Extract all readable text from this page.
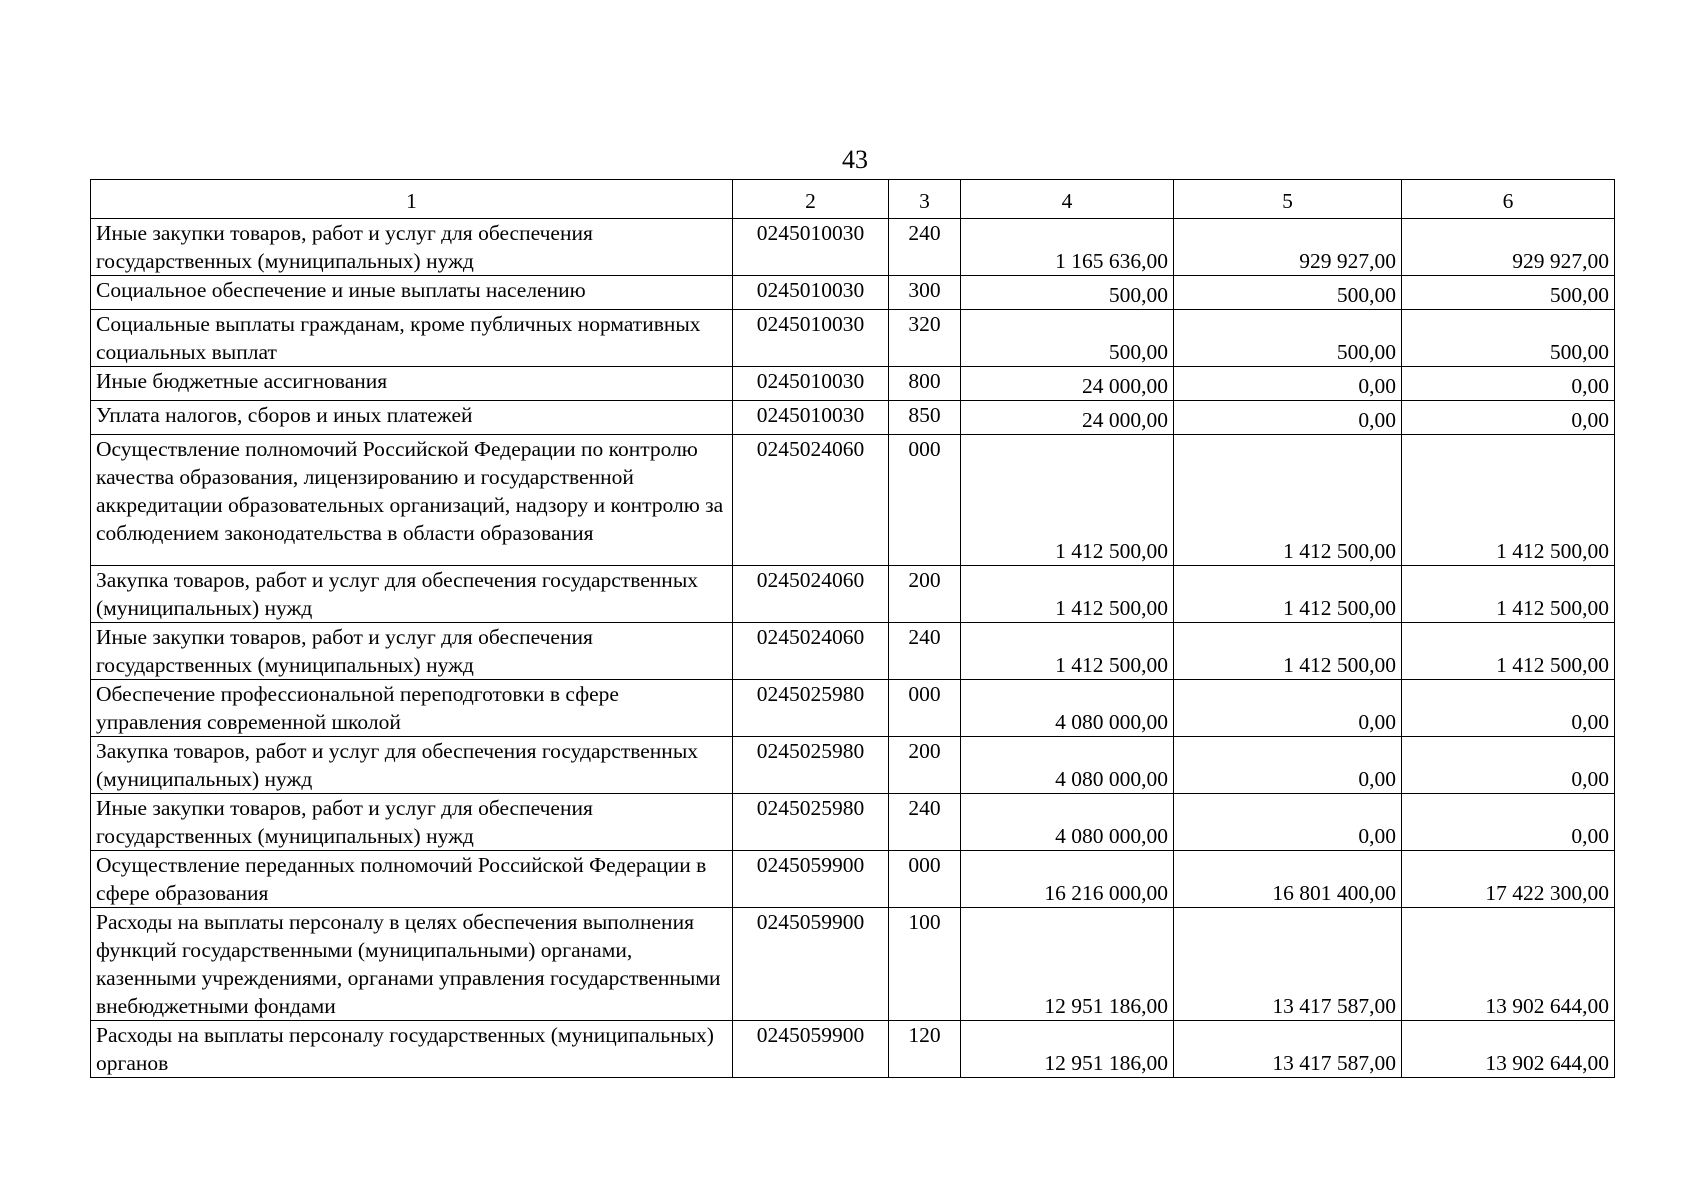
43
1	2	3	4	5	6
Иные закупки товаров, работ и услуг для обеспечения государственных (муниципальных) нужд	0245010030	240	1 165 636,00	929 927,00	929 927,00
Социальное обеспечение и иные выплаты населению	0245010030	300	500,00	500,00	500,00
Социальные выплаты гражданам, кроме публичных нормативных социальных выплат	0245010030	320	500,00	500,00	500,00
Иные бюджетные ассигнования	0245010030	800	24 000,00	0,00	0,00
Уплата налогов, сборов и иных платежей	0245010030	850	24 000,00	0,00	0,00
Осуществление полномочий Российской Федерации по контролю качества образования, лицензированию и государственной аккредитации образовательных организаций, надзору и контролю за соблюдением законодательства в области образования	0245024060	000	1 412 500,00	1 412 500,00	1 412 500,00
Закупка товаров, работ и услуг для обеспечения государственных (муниципальных) нужд	0245024060	200	1 412 500,00	1 412 500,00	1 412 500,00
Иные закупки товаров, работ и услуг для обеспечения государственных (муниципальных) нужд	0245024060	240	1 412 500,00	1 412 500,00	1 412 500,00
Обеспечение профессиональной переподготовки в сфере управления современной школой	0245025980	000	4 080 000,00	0,00	0,00
Закупка товаров, работ и услуг для обеспечения государственных (муниципальных) нужд	0245025980	200	4 080 000,00	0,00	0,00
Иные закупки товаров, работ и услуг для обеспечения государственных (муниципальных) нужд	0245025980	240	4 080 000,00	0,00	0,00
Осуществление переданных полномочий Российской Федерации в сфере образования	0245059900	000	16 216 000,00	16 801 400,00	17 422 300,00
Расходы на выплаты персоналу в целях обеспечения выполнения функций государственными (муниципальными) органами, казенными учреждениями, органами управления государственными внебюджетными фондами	0245059900	100	12 951 186,00	13 417 587,00	13 902 644,00
Расходы на выплаты персоналу государственных (муниципальных) органов	0245059900	120	12 951 186,00	13 417 587,00	13 902 644,00
